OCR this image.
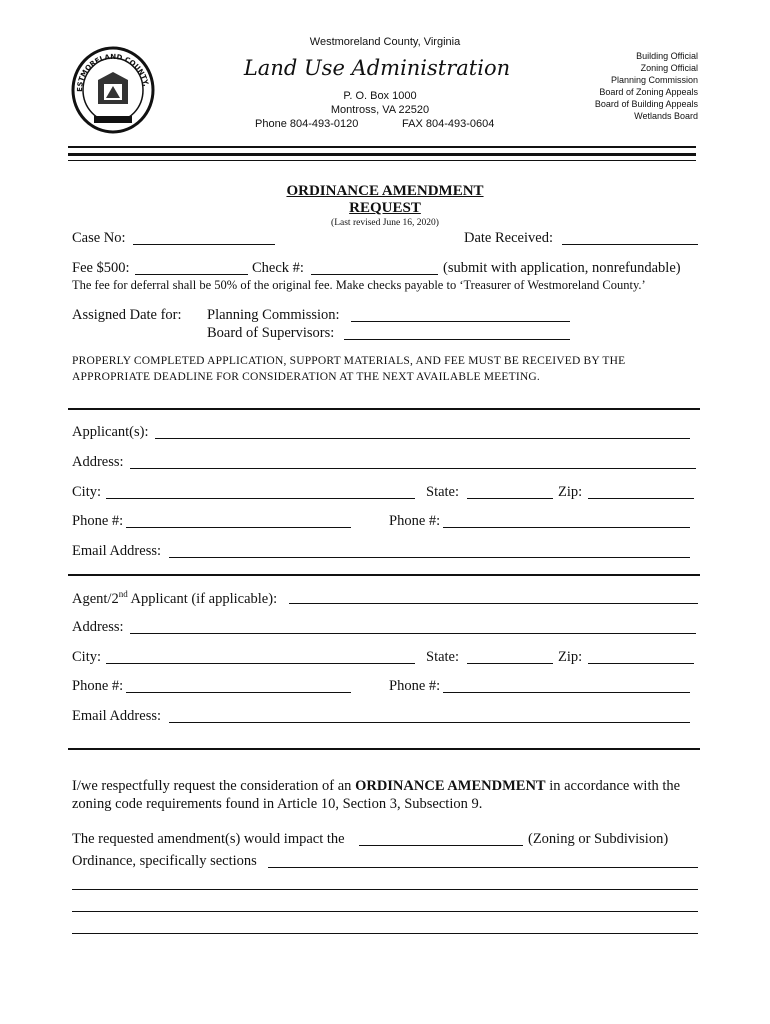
ESTMORELAND COUNTY,
Westmoreland County, Virginia
Land Use Administration
P. O. Box 1000
Montross, VA 22520
Phone 804-493-0120	FAX 804-493-0604
Building Official
Zoning Official
Planning Commission
Board of Zoning Appeals
Board of Building Appeals
Wetlands Board
ORDINANCE AMENDMENT
REQUEST
(Last revised June 16, 2020)
Case No:	Date Received:
Fee $500:	Check #:	(submit with application, nonrefundable)
The fee for deferral shall be 50% of the original fee. Make checks payable to ‘Treasurer of Westmoreland County.’
Assigned Date for: Planning Commission:
Board of Supervisors:
PROPERLY COMPLETED APPLICATION, SUPPORT MATERIALS, AND FEE MUST BE RECEIVED BY THE
APPROPRIATE DEADLINE FOR CONSIDERATION AT THE NEXT AVAILABLE MEETING.
Applicant(s):
Address:
City:	State:	Zip:
Phone #:	Phone #:
Email Address:
Agent/2nd Applicant (if applicable):
Address:
City:	State:	Zip:
Phone #:	Phone #:
Email Address:
I/we respectfully request the consideration of an ORDINANCE AMENDMENT in accordance with the
zoning code requirements found in Article 10, Section 3, Subsection 9.
The requested amendment(s) would impact the	(Zoning or Subdivision)
Ordinance, specifically sections
